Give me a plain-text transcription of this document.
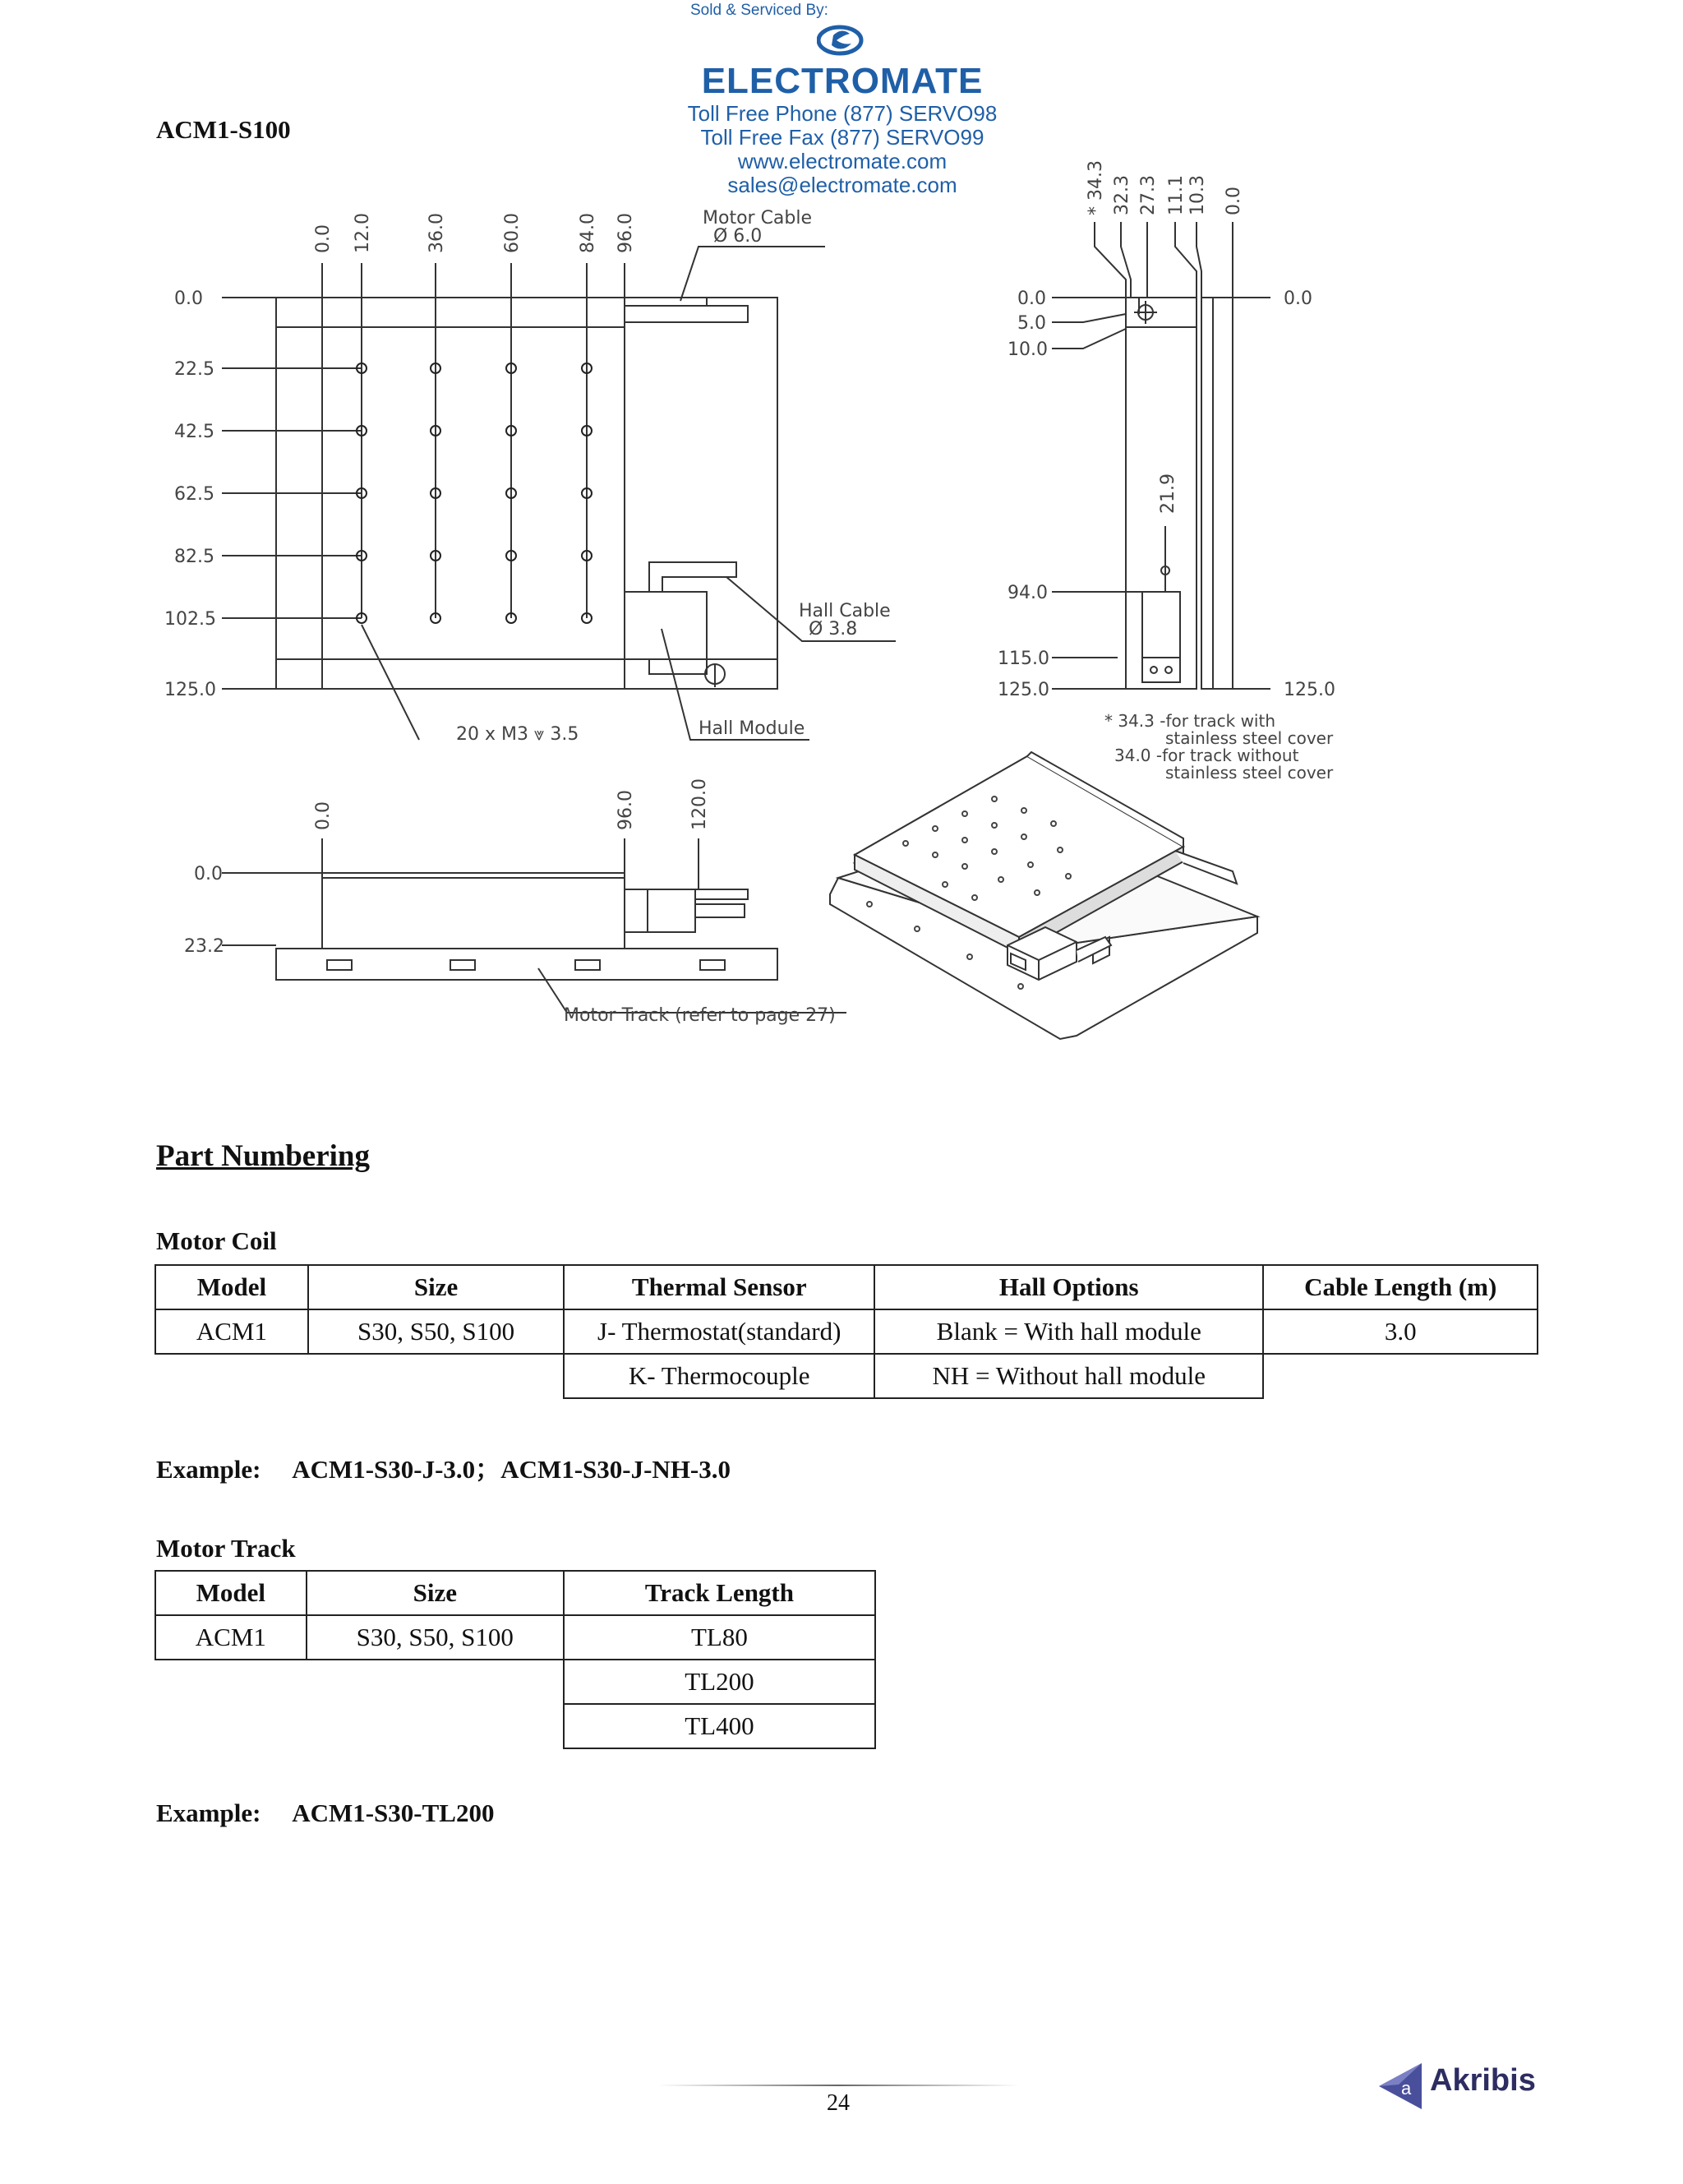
Sold & Serviced By:
ELECTROMATE
Toll Free Phone (877) SERVO98
Toll Free Fax (877) SERVO99
www.electromate.com
sales@electromate.com
ACM1-S100
0.0
22.5
42.5
62.5
82.5
102.5
125.0
0.0 12.0	36.0	60.0	84.0 96.0	Motor Cable
Ø 6.0
Hall Cable
Ø 3.8
20 x M3 ⩔ 3.5	Hall Module
* 34.3 32.3 27.3 11.1 10.3 0.0
21.9
0.0
5.0
10.0
94.0
115.0
125.0
0.0
125.0
* 34.3 -for track with
stainless steel cover
34.0 -for track without
stainless steel cover
0.0
23.2
0.0	96.0	120.0
Motor Track (refer to page 27)
Part Numbering
Motor Coil
Model	Size	Thermal Sensor	Hall Options	Cable Length (m)
ACM1	S30, S50, S100	J- Thermostat(standard)	Blank = With hall module	3.0
		K- Thermocouple	NH = Without hall module	
Example: ACM1-S30-J-3.0；ACM1-S30-J-NH-3.0
Motor Track
Model	Size	Track Length
ACM1	S30, S50, S100	TL80
		TL200
		TL400
Example: ACM1-S30-TL200
24
a Akribis
